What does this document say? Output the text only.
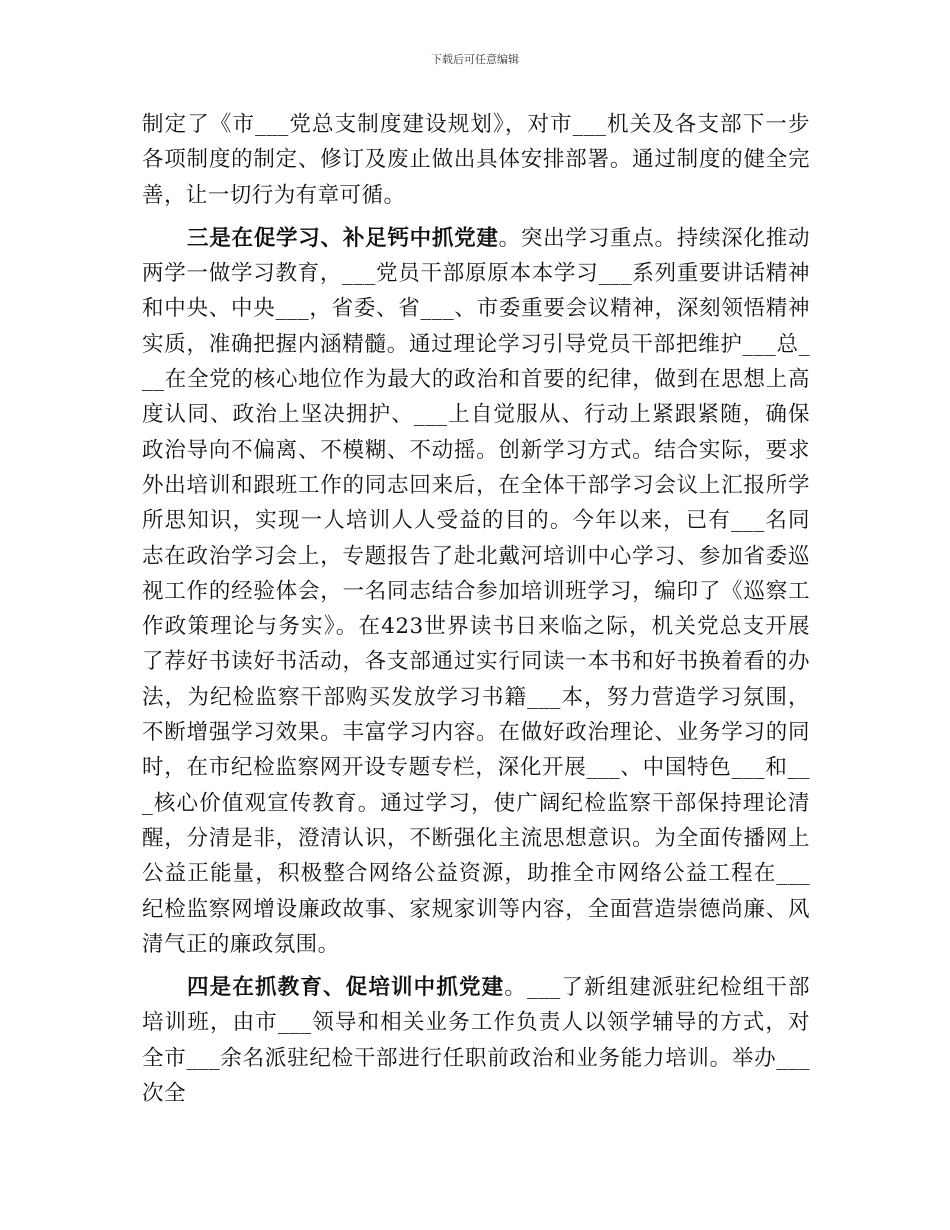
下载后可任意编辑

制定了《市___党总支制度建设规划》，对市___机关及各支部下一步各项制度的制定、修订及废止做出具体安排部署。通过制度的健全完善，让一切行为有章可循。

三是在促学习、补足钙中抓党建。突出学习重点。持续深化推动两学一做学习教育，___党员干部原原本本学习___系列重要讲话精神和中央、中央___，省委、省___、市委重要会议精神，深刻领悟精神实质，准确把握内涵精髓。通过理论学习引导党员干部把维护___总___在全党的核心地位作为最大的政治和首要的纪律，做到在思想上高度认同、政治上坚决拥护、___上自觉服从、行动上紧跟紧随，确保政治导向不偏离、不模糊、不动摇。创新学习方式。结合实际，要求外出培训和跟班工作的同志回来后，在全体干部学习会议上汇报所学所思知识，实现一人培训人人受益的目的。今年以来，已有___名同志在政治学习会上，专题报告了赴北戴河培训中心学习、参加省委巡视工作的经验体会，一名同志结合参加培训班学习，编印了《巡察工作政策理论与务实》。在423世界读书日来临之际，机关党总支开展了荐好书读好书活动，各支部通过实行同读一本书和好书换着看的办法，为纪检监察干部购买发放学习书籍___本，努力营造学习氛围，不断增强学习效果。丰富学习内容。在做好政治理论、业务学习的同时，在市纪检监察网开设专题专栏，深化开展___、中国特色___和___核心价值观宣传教育。通过学习，使广阔纪检监察干部保持理论清醒，分清是非，澄清认识，不断强化主流思想意识。为全面传播网上公益正能量，积极整合网络公益资源，助推全市网络公益工程在___纪检监察网增设廉政故事、家规家训等内容，全面营造崇德尚廉、风清气正的廉政氛围。

四是在抓教育、促培训中抓党建。___了新组建派驻纪检组干部培训班，由市___领导和相关业务工作负责人以领学辅导的方式，对全市___余名派驻纪检干部进行任职前政治和业务能力培训。举办___次全
